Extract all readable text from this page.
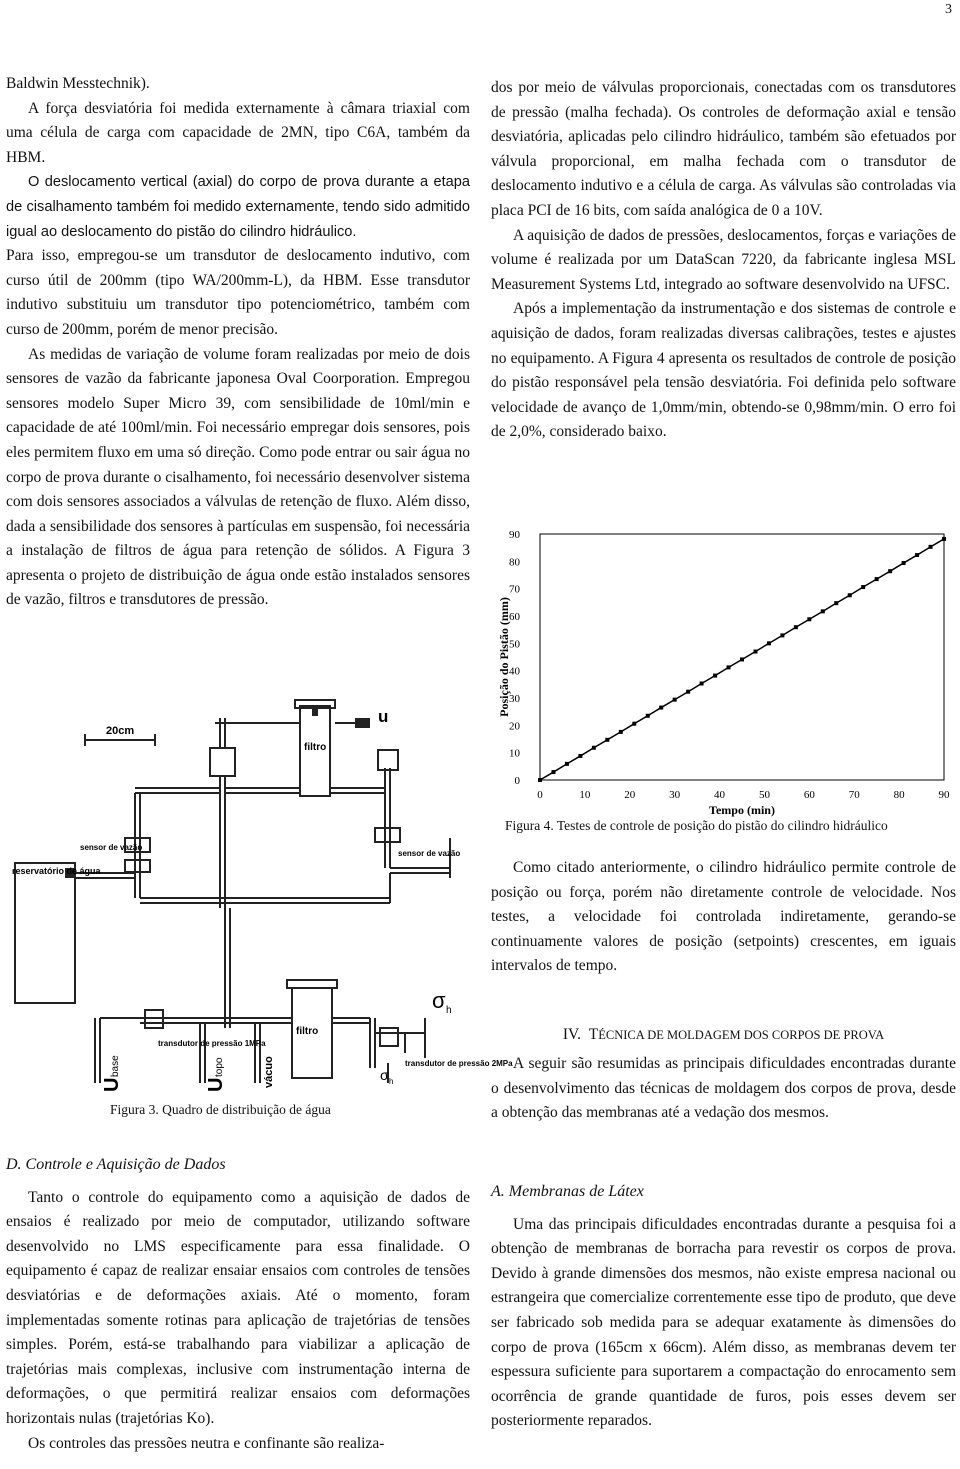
3

Baldwin Messtechnik).

A força desviatória foi medida externamente à câmara triaxial com uma célula de carga com capacidade de 2MN, tipo C6A, também da HBM.

O deslocamento vertical (axial) do corpo de prova durante a etapa de cisalhamento também foi medido externamente, tendo sido admitido igual ao deslocamento do pistão do cilindro hidráulico.

Para isso, empregou-se um transdutor de deslocamento indutivo, com curso útil de 200mm (tipo WA/200mm-L), da HBM. Esse transdutor indutivo substituiu um transdutor tipo potenciométrico, também com curso de 200mm, porém de menor precisão.

As medidas de variação de volume foram realizadas por meio de dois sensores de vazão da fabricante japonesa Oval Coorporation. Empregou sensores modelo Super Micro 39, com sensibilidade de 10ml/min e capacidade de até 100ml/min. Foi necessário empregar dois sensores, pois eles permitem fluxo em uma só direção. Como pode entrar ou sair água no corpo de prova durante o cisalhamento, foi necessário desenvolver sistema com dois sensores associados a válvulas de retenção de fluxo. Além disso, dada a sensibilidade dos sensores à partículas em suspensão, foi necessária a instalação de filtros de água para retenção de sólidos. A Figura 3 apresenta o projeto de distribuição de água onde estão instalados sensores de vazão, filtros e transdutores de pressão.

20cm
u
filtro
filtro
sensor de vazão
sensor de vazão
reservatório de água
transdutor de pressão 1MPa
transdutor de pressão 2MPa
σ h
σ h
U
base
U
topo	vácuo
Figura 3. Quadro de distribuição de água
D. Controle e Aquisição de Dados

Tanto o controle do equipamento como a aquisição de dados de ensaios é realizado por meio de computador, utilizando software desenvolvido no LMS especificamente para essa finalidade. O equipamento é capaz de realizar ensaiar ensaios com controles de tensões desviatórias e de deformações axiais. Até o momento, foram implementadas somente rotinas para aplicação de trajetórias de tensões simples. Porém, está-se trabalhando para viabilizar a aplicação de trajetórias mais complexas, inclusive com instrumentação interna de deformações, o que permitirá realizar ensaios com deformações horizontais nulas (trajetórias Ko).

Os controles das pressões neutra e confinante são realiza-

dos por meio de válvulas proporcionais, conectadas com os transdutores de pressão (malha fechada). Os controles de deformação axial e tensão desviatória, aplicadas pelo cilindro hidráulico, também são efetuados por válvula proporcional, em malha fechada com o transdutor de deslocamento indutivo e a célula de carga. As válvulas são controladas via placa PCI de 16 bits, com saída analógica de 0 a 10V.

A aquisição de dados de pressões, deslocamentos, forças e variações de volume é realizada por um DataScan 7220, da fabricante inglesa MSL Measurement Systems Ltd, integrado ao software desenvolvido na UFSC.

Após a implementação da instrumentação e dos sistemas de controle e aquisição de dados, foram realizadas diversas calibrações, testes e ajustes no equipamento. A Figura 4 apresenta os resultados de controle de posição do pistão responsável pela tensão desviatória. Foi definida pelo software velocidade de avanço de 1,0mm/min, obtendo-se 0,98mm/min. O erro foi de 2,0%, considerado baixo.

0
10
20
30
40
50
60
70
80
90
0	10	20	30	40	50	60	70	80	90
Tempo (min)
Posição do Pistão (mm)
Figura 4. Testes de controle de posição do pistão do cilindro hidráulico

Como citado anteriormente, o cilindro hidráulico permite controle de posição ou força, porém não diretamente controle de velocidade. Nos testes, a velocidade foi controlada indiretamente, gerando-se continuamente valores de posição (setpoints) crescentes, em iguais intervalos de tempo.

IV. TÉCNICA DE MOLDAGEM DOS CORPOS DE PROVA

A seguir são resumidas as principais dificuldades encontradas durante o desenvolvimento das técnicas de moldagem dos corpos de prova, desde a obtenção das membranas até a vedação dos mesmos.

A. Membranas de Látex

Uma das principais dificuldades encontradas durante a pesquisa foi a obtenção de membranas de borracha para revestir os corpos de prova. Devido à grande dimensões dos mesmos, não existe empresa nacional ou estrangeira que comercialize correntemente esse tipo de produto, que deve ser fabricado sob medida para se adequar exatamente às dimensões do corpo de prova (165cm x 66cm). Além disso, as membranas devem ter espessura suficiente para suportarem a compactação do enrocamento sem ocorrência de grande quantidade de furos, pois esses devem ser posteriormente reparados.
